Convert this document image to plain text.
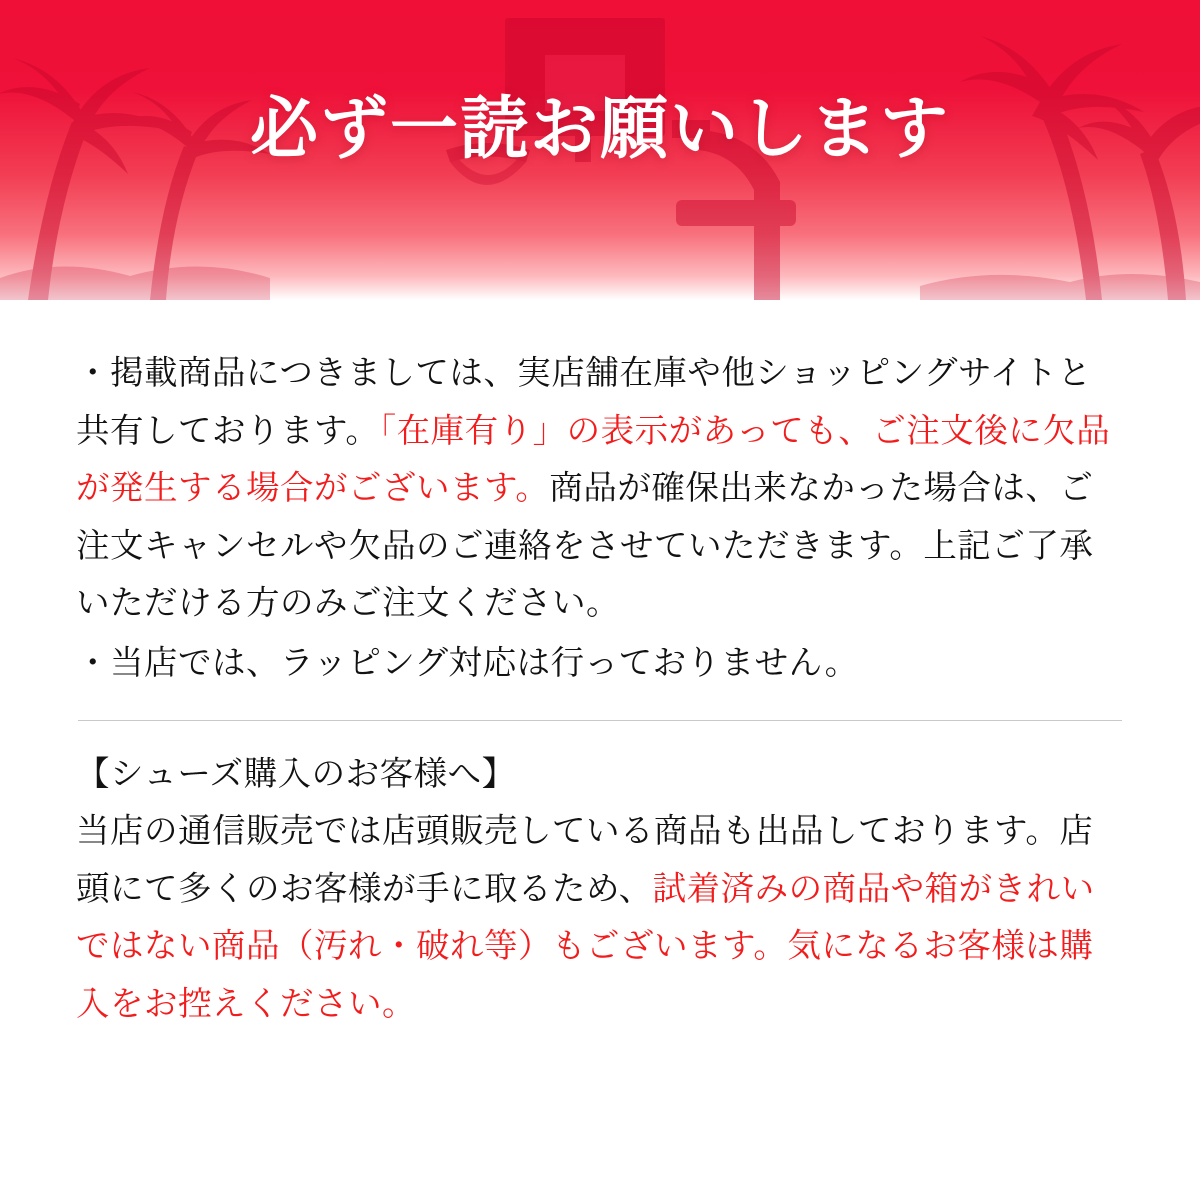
必ず一読お願いします

・掲載商品につきましては、実店舗在庫や他ショッピングサイトと共有しております。「在庫有り」の表示があっても、ご注文後に欠品が発生する場合がございます。商品が確保出来なかった場合は、ご注文キャンセルや欠品のご連絡をさせていただきます。上記ご了承いただける方のみご注文ください。

・当店では、ラッピング対応は行っておりません。

【シューズ購入のお客様へ】

当店の通信販売では店頭販売している商品も出品しております。店頭にて多くのお客様が手に取るため、試着済みの商品や箱がきれいではない商品（汚れ・破れ等）もございます。気になるお客様は購入をお控えください。
